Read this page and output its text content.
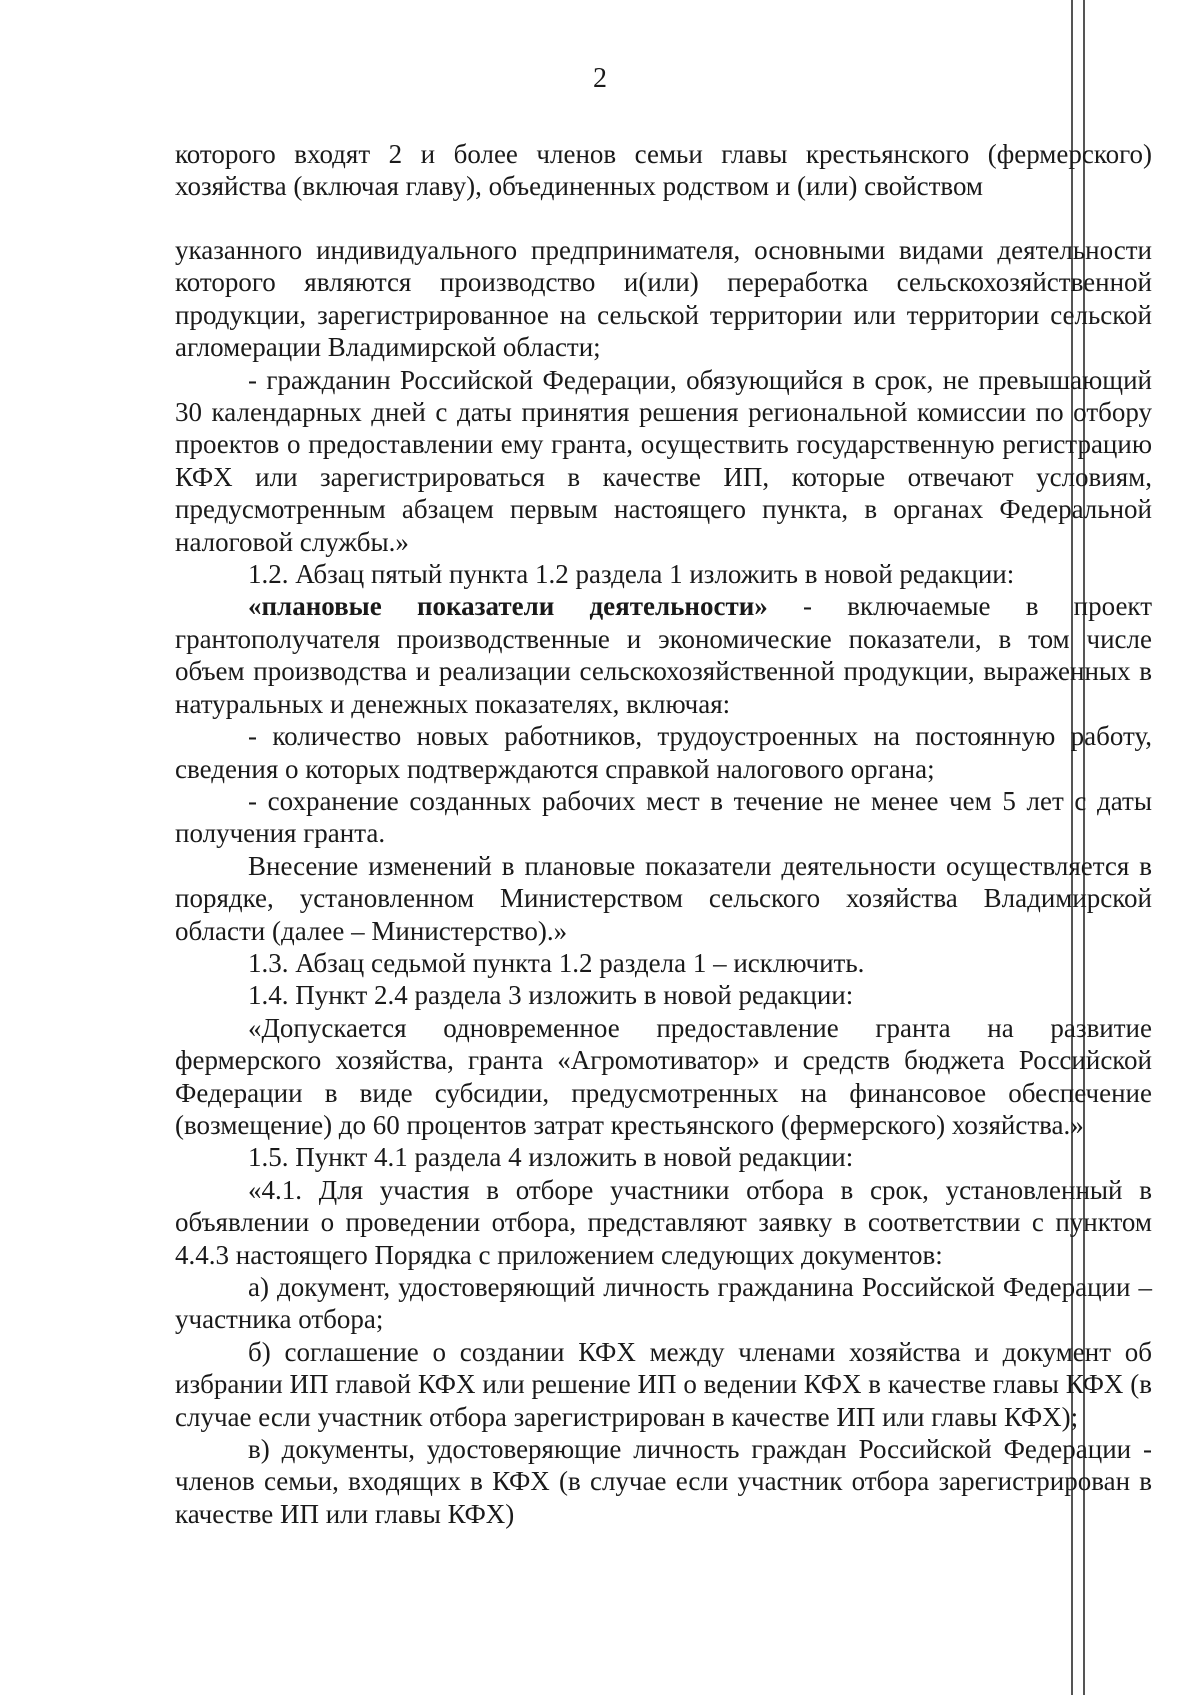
2

которого входят 2 и более членов семьи главы крестьянского (фермерского) хозяйства (включая главу), объединенных родством и (или) свойством

указанного индивидуального предпринимателя, основными видами деятельности которого являются производство и(или) переработка сельскохозяйственной продукции, зарегистрированное на сельской территории или территории сельской агломерации Владимирской области;

- гражданин Российской Федерации, обязующийся в срок, не превышающий 30 календарных дней с даты принятия решения региональной комиссии по отбору проектов о предоставлении ему гранта, осуществить государственную регистрацию КФХ или зарегистрироваться в качестве ИП, которые отвечают условиям, предусмотренным абзацем первым настоящего пункта, в органах Федеральной налоговой службы.»

1.2. Абзац пятый пункта 1.2 раздела 1 изложить в новой редакции:

«плановые показатели деятельности» - включаемые в проект грантополучателя производственные и экономические показатели, в том числе объем производства и реализации сельскохозяйственной продукции, выраженных в натуральных и денежных показателях, включая:

- количество новых работников, трудоустроенных на постоянную работу, сведения о которых подтверждаются справкой налогового органа;

- сохранение созданных рабочих мест в течение не менее чем 5 лет с даты получения гранта.

Внесение изменений в плановые показатели деятельности осуществляется в порядке, установленном Министерством сельского хозяйства Владимирской области (далее – Министерство).»

1.3. Абзац седьмой пункта 1.2 раздела 1 – исключить.

1.4. Пункт 2.4 раздела 3 изложить в новой редакции:

«Допускается одновременное предоставление гранта на развитие фермерского хозяйства, гранта «Агромотиватор» и средств бюджета Российской Федерации в виде субсидии, предусмотренных на финансовое обеспечение (возмещение) до 60 процентов затрат крестьянского (фермерского) хозяйства.»

1.5. Пункт 4.1 раздела 4 изложить в новой редакции:

«4.1. Для участия в отборе участники отбора в срок, установленный в объявлении о проведении отбора, представляют заявку в соответствии с пунктом 4.4.3 настоящего Порядка с приложением следующих документов:

а) документ, удостоверяющий личность гражданина Российской Федерации – участника отбора;

б) соглашение о создании КФХ между членами хозяйства и документ об избрании ИП главой КФХ или решение ИП о ведении КФХ в качестве главы КФХ (в случае если участник отбора зарегистрирован в качестве ИП или главы КФХ);

в) документы, удостоверяющие личность граждан Российской Федерации - членов семьи, входящих в КФХ (в случае если участник отбора зарегистрирован в качестве ИП или главы КФХ)
